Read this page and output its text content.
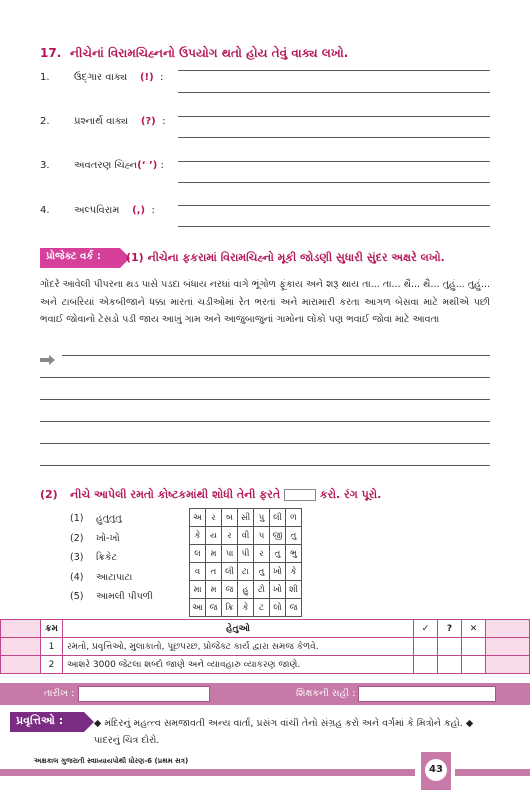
17. નીચેનાં વિરામચિહ્નનો ઉપયોગ થતો હોય તેવું વાક્ય લખો.
1. ઉદ્ગાર વાક્ય (!) :
2. પ્રશ્નાર્થ વાક્ય (?) :
3. અવતરણ ચિહ્ન(‘ ’) :
4. અલ્પવિરામ (,) :
પ્રોજેક્ટ વર્ક :	(1) નીચેના ફકરામાં વિરામચિહ્નો મૂકી જોડણી સુધારી સુંદર અક્ષરે લખો.
ગોંદરે આવેલી પીપરના થડ પાસે પડદા બંધાય નરઘાં વાગે ભૂંગોળ ફૂંકાય અને શરૂ થાય તા... તા... થૈ... થૈ... તુહું... તુહું... અને ટાબરિયાં એકબીજાને ધક્કા મારતાં ચડીઓમાં રેત ભરતાં અને મારામારી કરતા આગળ બેસવા માટે મથીએ પછી ભવાઈ જોવાનો ટેસડો પડી જાય આખું ગામ અને આજુબાજુનાં ગામોના લોકો પણ ભવાઈ જોવા માટે આવતા
(2) નીચે આપેલી રમતો કોષ્ટકમાંથી શોધી તેની ફરતે	કરો. રંગ પૂરો.
(1) હુતુતુતુ
(2) ખો-ખો
(3) ક્રિકેટ
(4) આટાપાટા
(5) આમલી પીપળી
અ	ર	બ	સી	પુ	લી	ળ
કે	ય	ર	વી	પ	જી	તુ
લ	મ	પા	પી	ર	તુ	ભુ
વ	ત	લી	ટા	તુ	ખો	કે
મા	મ	જ	હુ	ટો	ખો	શી
આ	જ	ક્રિ	કે	ટ	લો	જ
	ક્રમ	હેતુઓ	✓	?	✕	
	1	રમતો, પ્રવૃત્તિઓ, મુલાકાતો, પૂછપરછ, પ્રોજેક્ટ કાર્ય દ્વારા સમજ કેળવે.				
	2	આશરે 3000 જેટલા શબ્દો જાણે અને વ્યાવહારુ વ્યાકરણ જાણે.				
તારીખ :	શિક્ષકની સહી :
પ્રવૃત્તિઓ :	◆ મંદિરનું મહત્ત્વ સમજાવતી અન્ય વાર્તા, પ્રસંગ વાંચી તેનો સંગ્રહ કરો અને વર્ગમાં કે મિત્રોને કહો. ◆ પાદરનું ચિત્ર દોરો.
અક્ષકાલ ગુજરાતી સ્વાધ્યાયપોથી ધોરણ-6 (પ્રથમ સત્ર)
43
